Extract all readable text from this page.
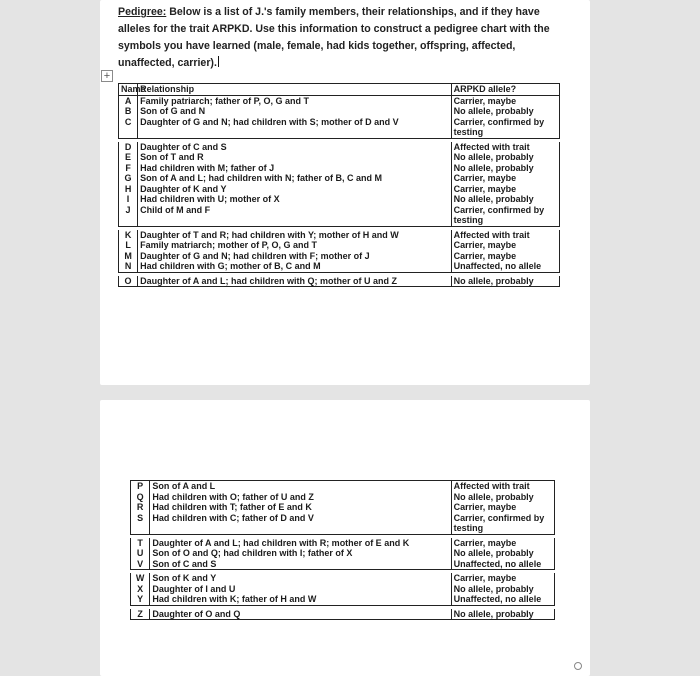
Pedigree: Below is a list of J.'s family members, their relationships, and if they have alleles for the trait ARPKD. Use this information to construct a pedigree chart with the symbols you have learned (male, female, had kids together, offspring, affected, unaffected, carrier).
+
Name	Relationship	ARPKD allele?
A	Family patriarch; father of P, O, G and T	Carrier, maybe
B	Son of G and N	No allele, probably
C	Daughter of G and N; had children with S; mother of D and V	Carrier, confirmed by testing

D	Daughter of C and S	Affected with trait
E	Son of T and R	No allele, probably
F	Had children with M; father of J	No allele, probably
G	Son of A and L; had children with N; father of B, C and M	Carrier, maybe
H	Daughter of K and Y	Carrier, maybe
I	Had children with U; mother of X	No allele, probably
J	Child of M and F	Carrier, confirmed by testing

K	Daughter of T and R; had children with Y; mother of H and W	Affected with trait
L	Family matriarch; mother of P, O, G and T	Carrier, maybe
M	Daughter of G and N; had children with F; mother of J	Carrier, maybe
N	Had children with G; mother of B, C and M	Unaffected, no allele

O	Daughter of A and L; had children with Q; mother of U and Z	No allele, probably
P	Son of A and L	Affected with trait
Q	Had children with O; father of U and Z	No allele, probably
R	Had children with T; father of E and K	Carrier, maybe
S	Had children with C; father of D and V	Carrier, confirmed by testing

T	Daughter of A and L; had children with R; mother of E and K	Carrier, maybe
U	Son of O and Q; had children with I; father of X	No allele, probably
V	Son of C and S	Unaffected, no allele

W	Son of K and Y	Carrier, maybe
X	Daughter of I and U	No allele, probably
Y	Had children with K; father of H and W	Unaffected, no allele

Z	Daughter of O and Q	No allele, probably
